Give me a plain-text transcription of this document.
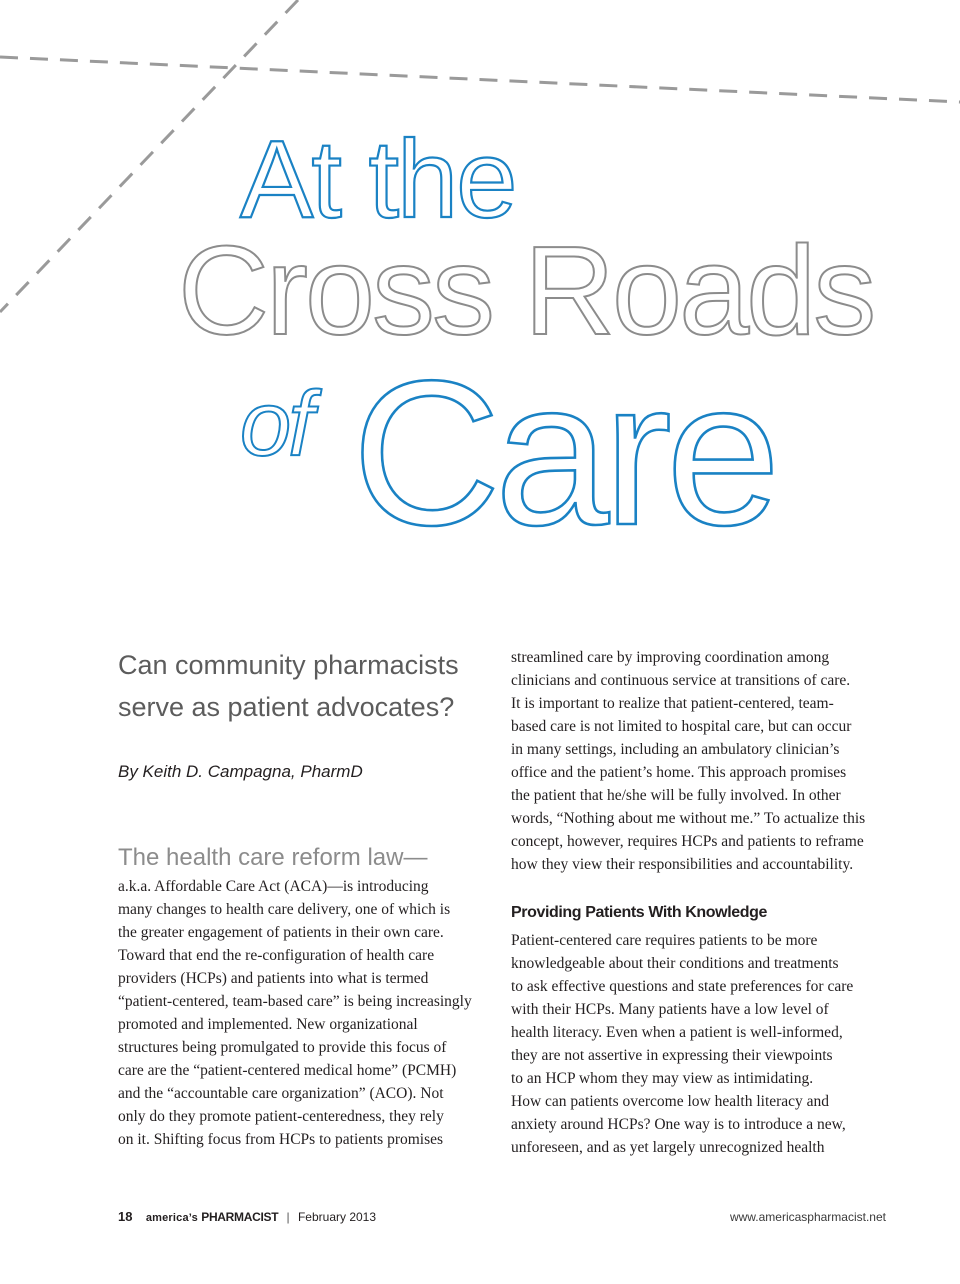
At the
Cross Roads
of Care
Can community pharmacists
serve as patient advocates?
By Keith D. Campagna, PharmD
The health care reform law—
a.k.a. Affordable Care Act (ACA)—is introducing
many changes to health care delivery, one of which is
the greater engagement of patients in their own care.
Toward that end the re-configuration of health care
providers (HCPs) and patients into what is termed
“patient-centered, team-based care” is being increasingly
promoted and implemented. New organizational
structures being promulgated to provide this focus of
care are the “patient-centered medical home” (PCMH)
and the “accountable care organization” (ACO). Not
only do they promote patient-centeredness, they rely
on it. Shifting focus from HCPs to patients promises
streamlined care by improving coordination among
clinicians and continuous service at transitions of care.
It is important to realize that patient-centered, team-
based care is not limited to hospital care, but can occur
in many settings, including an ambulatory clinician’s
office and the patient’s home. This approach promises
the patient that he/she will be fully involved. In other
words, “Nothing about me without me.” To actualize this
concept, however, requires HCPs and patients to reframe
how they view their responsibilities and accountability.
Providing Patients With Knowledge
Patient-centered care requires patients to be more
knowledgeable about their conditions and treatments
to ask effective questions and state preferences for care
with their HCPs. Many patients have a low level of
health literacy. Even when a patient is well-informed,
they are not assertive in expressing their viewpoints
to an HCP whom they may view as intimidating.
How can patients overcome low health literacy and
anxiety around HCPs? One way is to introduce a new,
unforeseen, and as yet largely unrecognized health
18 america’s PHARMACIST | February 2013	www.americaspharmacist.net
